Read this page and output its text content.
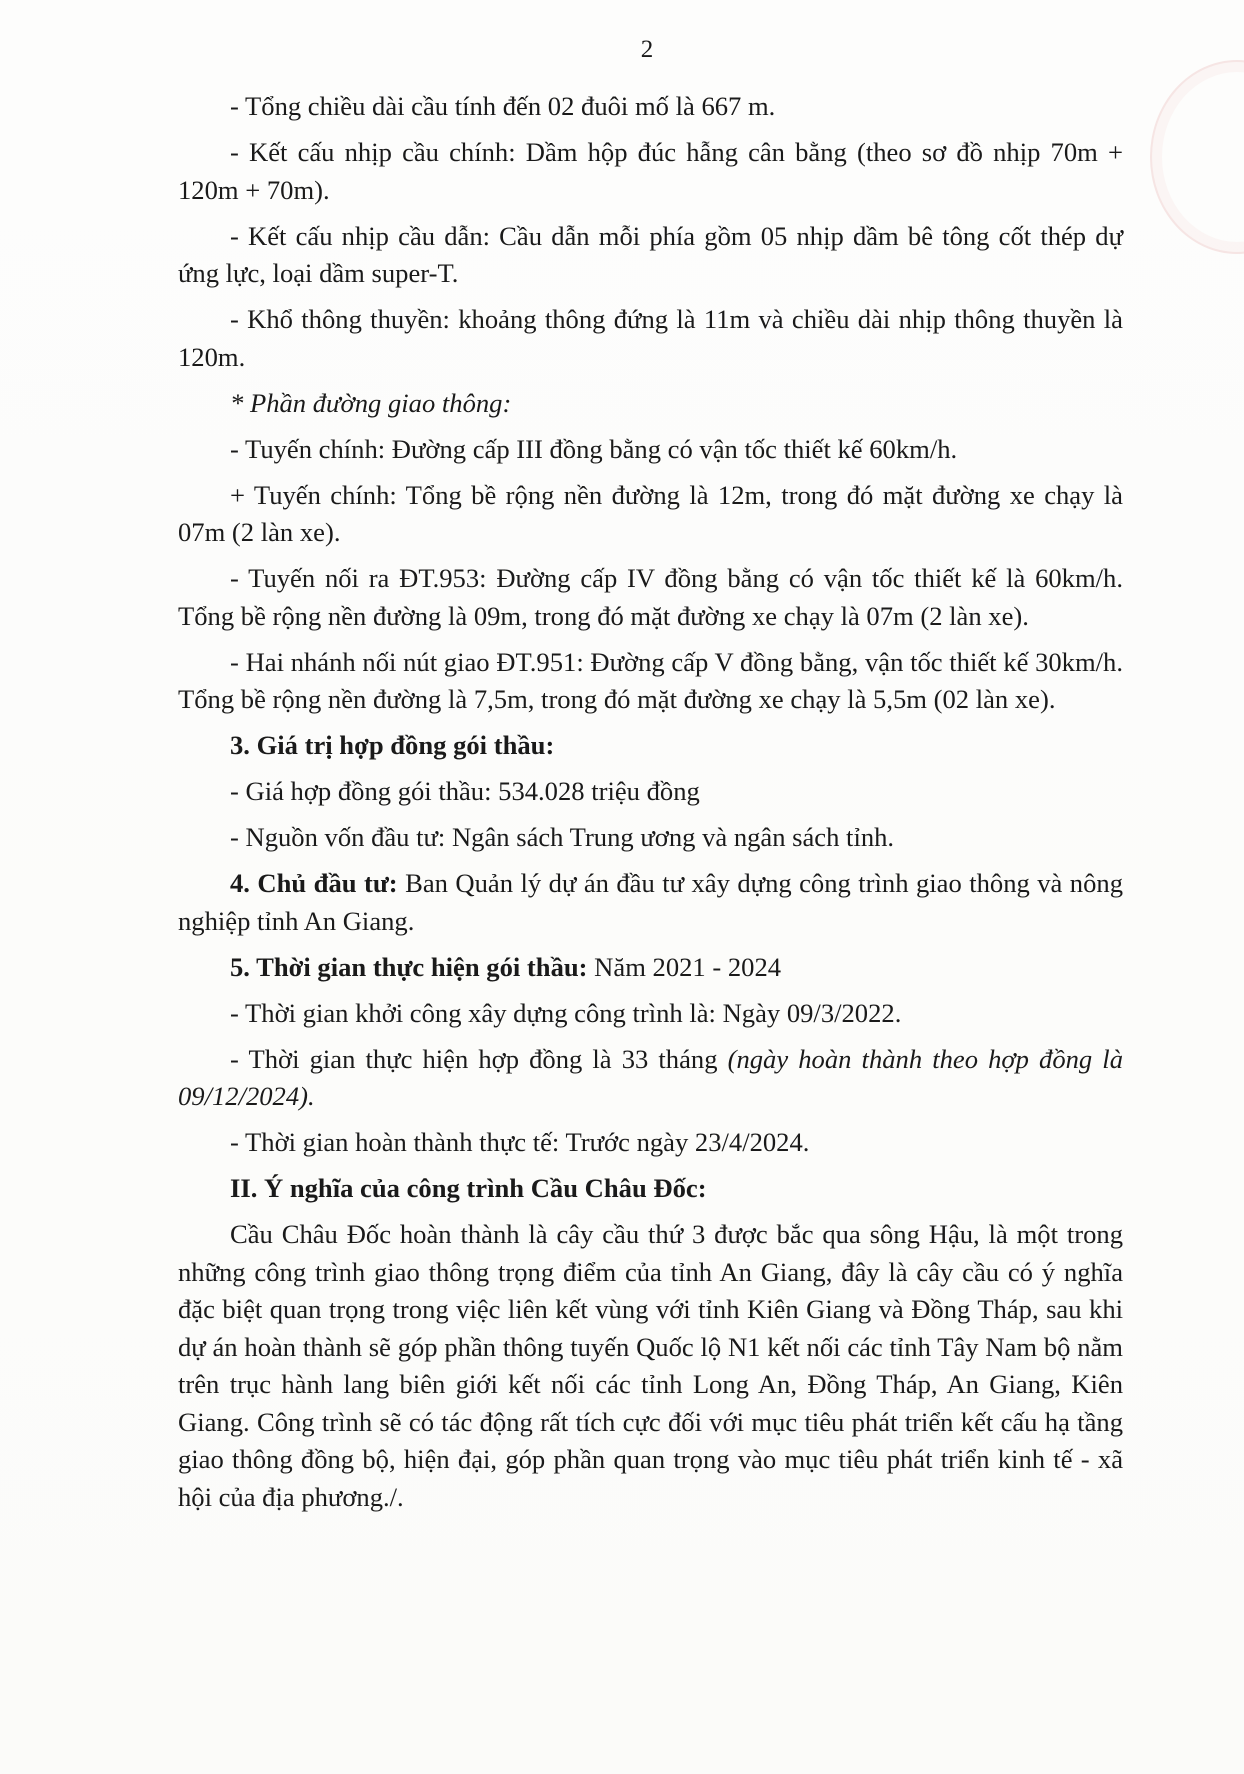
2

- Tổng chiều dài cầu tính đến 02 đuôi mố là 667 m.

- Kết cấu nhịp cầu chính: Dầm hộp đúc hẫng cân bằng (theo sơ đồ nhịp 70m + 120m + 70m).

- Kết cấu nhịp cầu dẫn: Cầu dẫn mỗi phía gồm 05 nhịp dầm bê tông cốt thép dự ứng lực, loại dầm super-T.

- Khổ thông thuyền: khoảng thông đứng là 11m và chiều dài nhịp thông thuyền là 120m.

* Phần đường giao thông:

- Tuyến chính: Đường cấp III đồng bằng có vận tốc thiết kế 60km/h.

+ Tuyến chính: Tổng bề rộng nền đường là 12m, trong đó mặt đường xe chạy là 07m (2 làn xe).

- Tuyến nối ra ĐT.953: Đường cấp IV đồng bằng có vận tốc thiết kế là 60km/h. Tổng bề rộng nền đường là 09m, trong đó mặt đường xe chạy là 07m (2 làn xe).

- Hai nhánh nối nút giao ĐT.951: Đường cấp V đồng bằng, vận tốc thiết kế 30km/h. Tổng bề rộng nền đường là 7,5m, trong đó mặt đường xe chạy là 5,5m (02 làn xe).

3. Giá trị hợp đồng gói thầu:

- Giá hợp đồng gói thầu: 534.028 triệu đồng

- Nguồn vốn đầu tư: Ngân sách Trung ương và ngân sách tỉnh.

4. Chủ đầu tư: Ban Quản lý dự án đầu tư xây dựng công trình giao thông và nông nghiệp tỉnh An Giang.

5. Thời gian thực hiện gói thầu: Năm 2021 - 2024

- Thời gian khởi công xây dựng công trình là: Ngày 09/3/2022.

- Thời gian thực hiện hợp đồng là 33 tháng (ngày hoàn thành theo hợp đồng là 09/12/2024).

- Thời gian hoàn thành thực tế: Trước ngày 23/4/2024.

II. Ý nghĩa của công trình Cầu Châu Đốc:

Cầu Châu Đốc hoàn thành là cây cầu thứ 3 được bắc qua sông Hậu, là một trong những công trình giao thông trọng điểm của tỉnh An Giang, đây là cây cầu có ý nghĩa đặc biệt quan trọng trong việc liên kết vùng với tỉnh Kiên Giang và Đồng Tháp, sau khi dự án hoàn thành sẽ góp phần thông tuyến Quốc lộ N1 kết nối các tỉnh Tây Nam bộ nằm trên trục hành lang biên giới kết nối các tỉnh Long An, Đồng Tháp, An Giang, Kiên Giang. Công trình sẽ có tác động rất tích cực đối với mục tiêu phát triển kết cấu hạ tầng giao thông đồng bộ, hiện đại, góp phần quan trọng vào mục tiêu phát triển kinh tế - xã hội của địa phương./.
